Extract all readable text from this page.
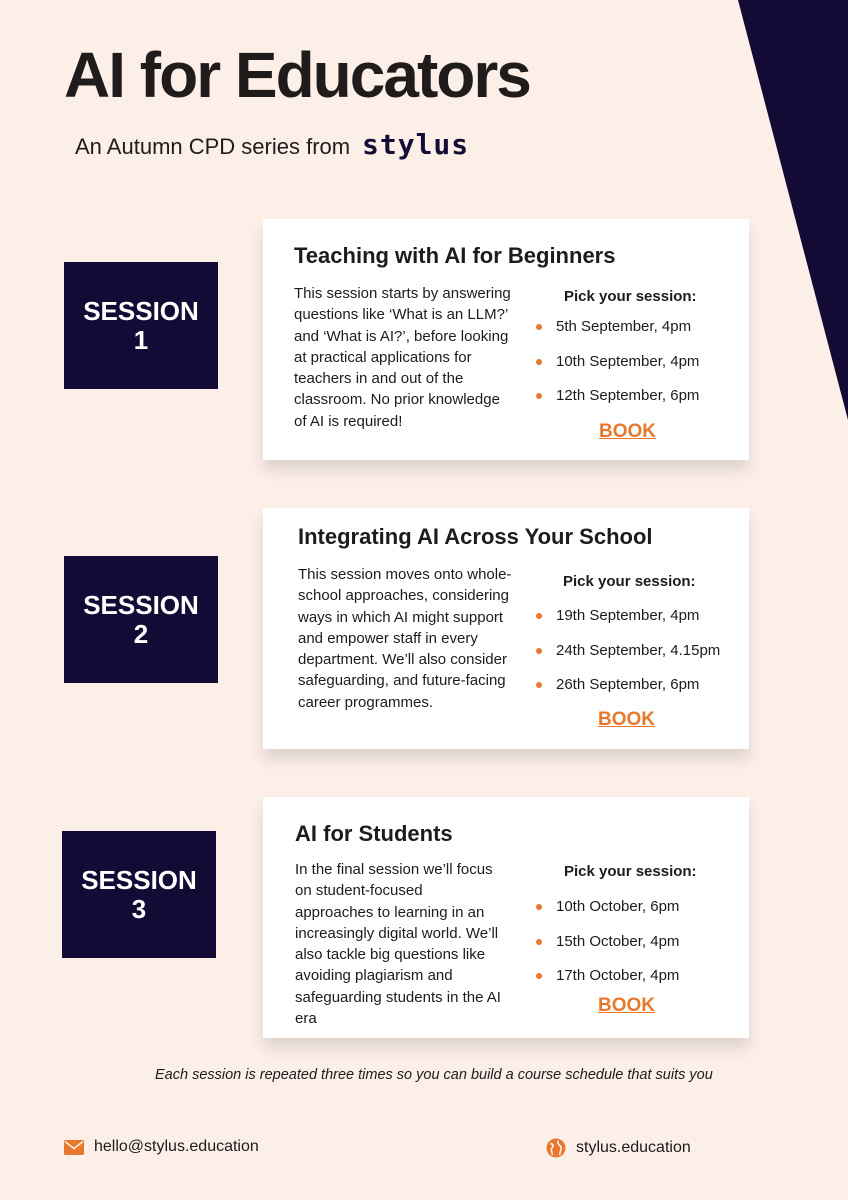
AI for Educators
An Autumn CPD series from stylus
SESSION
1
Teaching with AI for Beginners
This session starts by answering questions like ‘What is an LLM?’ and ‘What is AI?’, before looking at practical applications for teachers in and out of the classroom. No prior knowledge of AI is required!
Pick your session:
5th September, 4pm
10th September, 4pm
12th September, 6pm
BOOK
SESSION
2
Integrating AI Across Your School
This session moves onto whole-school approaches, considering ways in which AI might support and empower staff in every department. We’ll also consider safeguarding, and future-facing career programmes.
Pick your session:
19th September, 4pm
24th September, 4.15pm
26th September, 6pm
BOOK
SESSION
3
AI for Students
In the final session we’ll focus on student-focused approaches to learning in an increasingly digital world. We’ll also tackle big questions like avoiding plagiarism and safeguarding students in the AI era
Pick your session:
10th October, 6pm
15th October, 4pm
17th October, 4pm
BOOK
Each session is repeated three times so you can build a course schedule that suits you
hello@stylus.education	stylus.education
